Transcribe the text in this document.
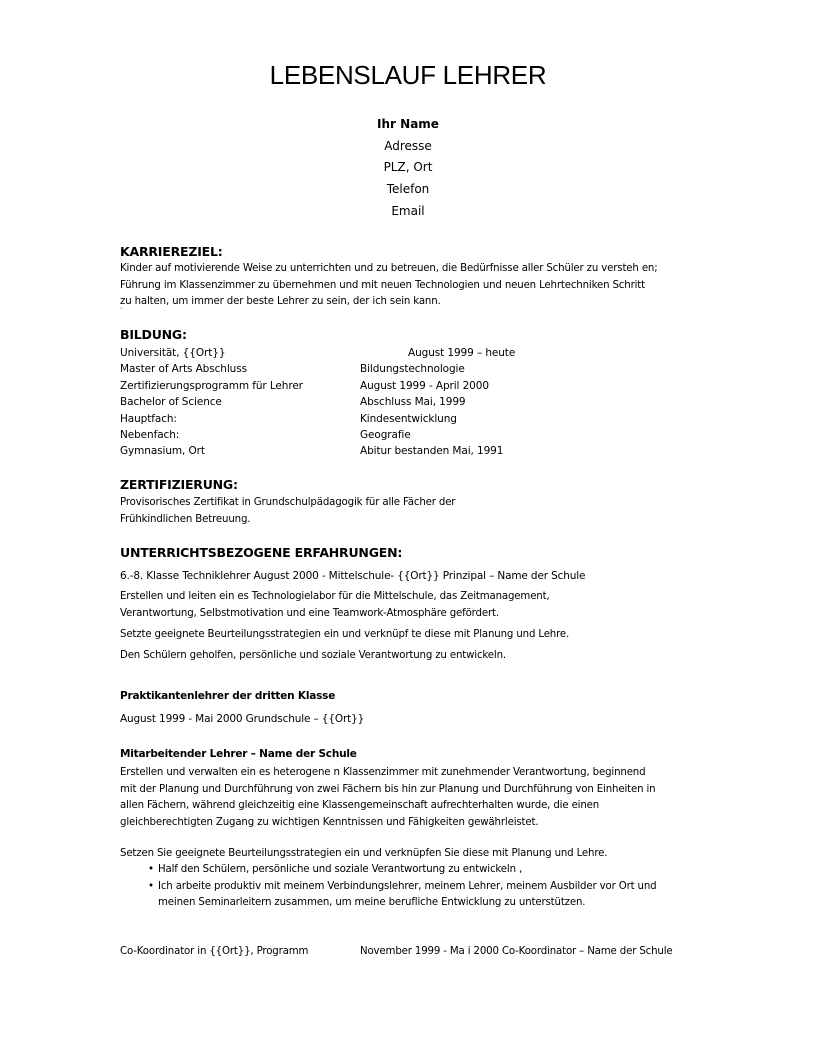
LEBENSLAUF LEHRER
Ihr Name
Adresse
PLZ, Ort
Telefon
Email
KARRIEREZIEL:
Kinder auf motivierende Weise zu unterrichten und zu betreuen, die Bedürfnisse aller Schüler zu versteh en;
Führung im Klassenzimmer zu übernehmen und mit neuen Technologien und neuen Lehrtechniken Schritt
zu halten, um immer der beste Lehrer zu sein, der ich sein kann.
`
BILDUNG:
Universität, {{Ort}}	August 1999 – heute
Master of Arts Abschluss	Bildungstechnologie
Zertifizierungsprogramm für Lehrer	August 1999 - April 2000
Bachelor of Science	Abschluss Mai, 1999
Hauptfach:	Kindesentwicklung
Nebenfach:	Geografie
Gymnasium, Ort	Abitur bestanden Mai, 1991
ZERTIFIZIERUNG:
Provisorisches Zertifikat in Grundschulpädagogik für alle Fächer der
Frühkindlichen Betreuung.
UNTERRICHTSBEZOGENE ERFAHRUNGEN:
6.-8. Klasse Techniklehrer August 2000 - Mittelschule- {{Ort}} Prinzipal – Name der Schule
Erstellen und leiten ein es Technologielabor für die Mittelschule, das Zeitmanagement,
Verantwortung, Selbstmotivation und eine Teamwork-Atmosphäre gefördert.
Setzte geeignete Beurteilungsstrategien ein und verknüpf te diese mit Planung und Lehre.
Den Schülern geholfen, persönliche und soziale Verantwortung zu entwickeln.
Praktikantenlehrer der dritten Klasse
August 1999 - Mai 2000 Grundschule – {{Ort}}
Mitarbeitender Lehrer – Name der Schule
Erstellen und verwalten ein es heterogene n Klassenzimmer mit zunehmender Verantwortung, beginnend
mit der Planung und Durchführung von zwei Fächern bis hin zur Planung und Durchführung von Einheiten in
allen Fächern, während gleichzeitig eine Klassengemeinschaft aufrechterhalten wurde, die einen
gleichberechtigten Zugang zu wichtigen Kenntnissen und Fähigkeiten gewährleistet.
Setzen Sie geeignete Beurteilungsstrategien ein und verknüpfen Sie diese mit Planung und Lehre.
• Half den Schülern, persönliche und soziale Verantwortung zu entwickeln ,
• Ich arbeite produktiv mit meinem Verbindungslehrer, meinem Lehrer, meinem Ausbilder vor Ort und
meinen Seminarleitern zusammen, um meine berufliche Entwicklung zu unterstützen.
Co-Koordinator in {{Ort}}, Programm	November 1999 - Ma i 2000 Co-Koordinator – Name der Schule
